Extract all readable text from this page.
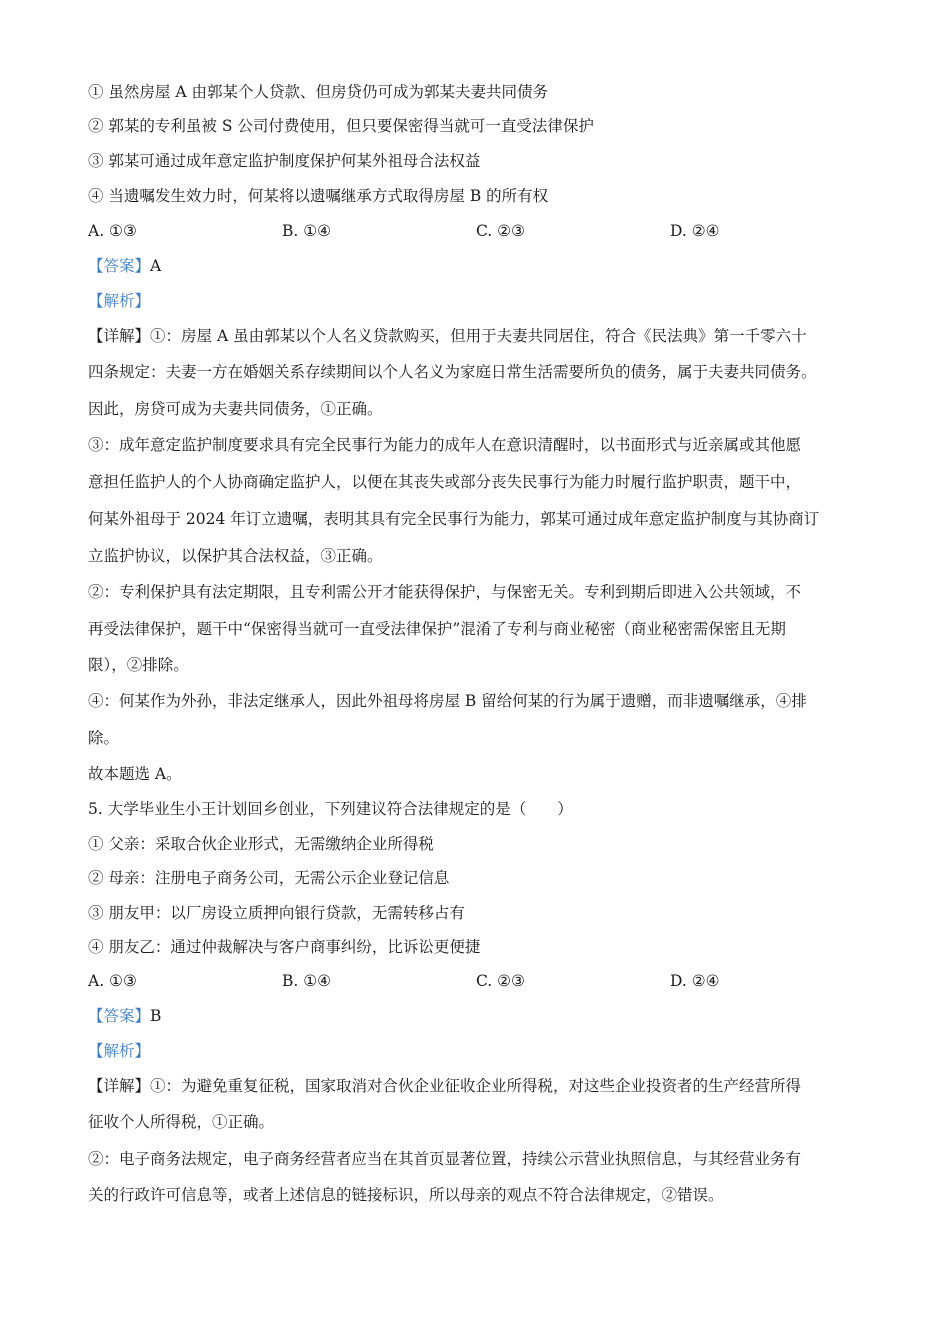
① 虽然房屋 A 由郭某个人贷款、但房贷仍可成为郭某夫妻共同债务
② 郭某的专利虽被 S 公司付费使用，但只要保密得当就可一直受法律保护
③ 郭某可通过成年意定监护制度保护何某外祖母合法权益
④ 当遗嘱发生效力时，何某将以遗嘱继承方式取得房屋 B 的所有权
A. ①③	B. ①④	C. ②③	D. ②④
【答案】A
【解析】
【详解】①：房屋 A 虽由郭某以个人名义贷款购买，但用于夫妻共同居住，符合《民法典》第一千零六十
四条规定：夫妻一方在婚姻关系存续期间以个人名义为家庭日常生活需要所负的债务，属于夫妻共同债务。
因此，房贷可成为夫妻共同债务，①正确。
③：成年意定监护制度要求具有完全民事行为能力的成年人在意识清醒时，以书面形式与近亲属或其他愿
意担任监护人的个人协商确定监护人，以便在其丧失或部分丧失民事行为能力时履行监护职责，题干中，
何某外祖母于 2024 年订立遗嘱，表明其具有完全民事行为能力，郭某可通过成年意定监护制度与其协商订
立监护协议，以保护其合法权益，③正确。
②：专利保护具有法定期限，且专利需公开才能获得保护，与保密无关。专利到期后即进入公共领域，不
再受法律保护，题干中“保密得当就可一直受法律保护”混淆了专利与商业秘密（商业秘密需保密且无期
限），②排除。
④：何某作为外孙，非法定继承人，因此外祖母将房屋 B 留给何某的行为属于遗赠，而非遗嘱继承，④排
除。
故本题选 A。
5. 大学毕业生小王计划回乡创业，下列建议符合法律规定的是（　　）
① 父亲：采取合伙企业形式，无需缴纳企业所得税
② 母亲：注册电子商务公司，无需公示企业登记信息
③ 朋友甲：以厂房设立质押向银行贷款，无需转移占有
④ 朋友乙：通过仲裁解决与客户商事纠纷，比诉讼更便捷
A. ①③	B. ①④	C. ②③	D. ②④
【答案】B
【解析】
【详解】①：为避免重复征税，国家取消对合伙企业征收企业所得税，对这些企业投资者的生产经营所得
征收个人所得税，①正确。
②：电子商务法规定，电子商务经营者应当在其首页显著位置，持续公示营业执照信息，与其经营业务有
关的行政许可信息等，或者上述信息的链接标识，所以母亲的观点不符合法律规定，②错误。
